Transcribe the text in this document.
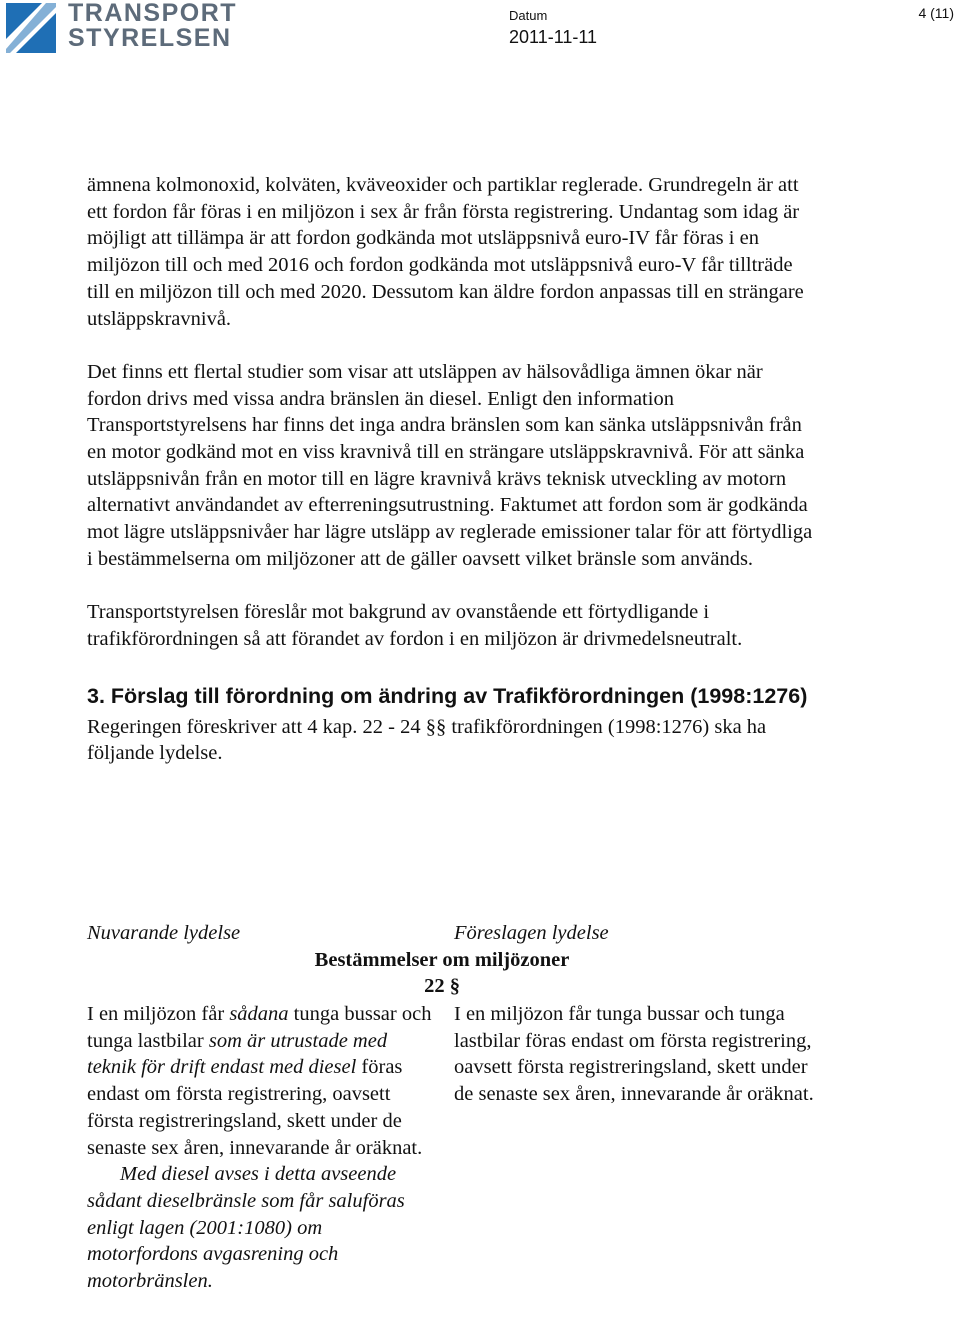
TRANSPORT
STYRELSEN
Datum
2011-11-11
4 (11)

ämnena kolmonoxid, kolväten, kväveoxider och partiklar reglerade. Grundregeln är att ett fordon får föras i en miljözon i sex år från första registrering. Undantag som idag är möjligt att tillämpa är att fordon godkända mot utsläppsnivå euro-IV får föras i en miljözon till och med 2016 och fordon godkända mot utsläppsnivå euro-V får tillträde till en miljözon till och med 2020. Dessutom kan äldre fordon anpassas till en strängare utsläppskravnivå.

Det finns ett flertal studier som visar att utsläppen av hälsovådliga ämnen ökar när fordon drivs med vissa andra bränslen än diesel. Enligt den information Transportstyrelsens har finns det inga andra bränslen som kan sänka utsläppsnivån från en motor godkänd mot en viss kravnivå till en strängare utsläppskravnivå. För att sänka utsläppsnivån från en motor till en lägre kravnivå krävs teknisk utveckling av motorn alternativt användandet av efterreningsutrustning. Faktumet att fordon som är godkända mot lägre utsläppsnivåer har lägre utsläpp av reglerade emissioner talar för att förtydliga i bestämmelserna om miljözoner att de gäller oavsett vilket bränsle som används.

Transportstyrelsen föreslår mot bakgrund av ovanstående ett förtydligande i trafikförordningen så att förandet av fordon i en miljözon är drivmedelsneutralt.

3. Förslag till förordning om ändring av Trafikförordningen (1998:1276)

Regeringen föreskriver att 4 kap. 22 - 24 §§ trafikförordningen (1998:1276) ska ha följande lydelse.

Nuvarande lydelse	Föreslagen lydelse
Bestämmelser om miljözoner
22 §

I en miljözon får sådana tunga bussar och tunga lastbilar som är utrustade med teknik för drift endast med diesel föras endast om första registrering, oavsett första registreringsland, skett under de senaste sex åren, innevarande år oräknat.

Med diesel avses i detta avseende sådant dieselbränsle som får saluföras enligt lagen (2001:1080) om motorfordons avgasrening och motorbränslen.

I en miljözon får tunga bussar och tunga lastbilar föras endast om första registrering, oavsett första registreringsland, skett under de senaste sex åren, innevarande år oräknat.
